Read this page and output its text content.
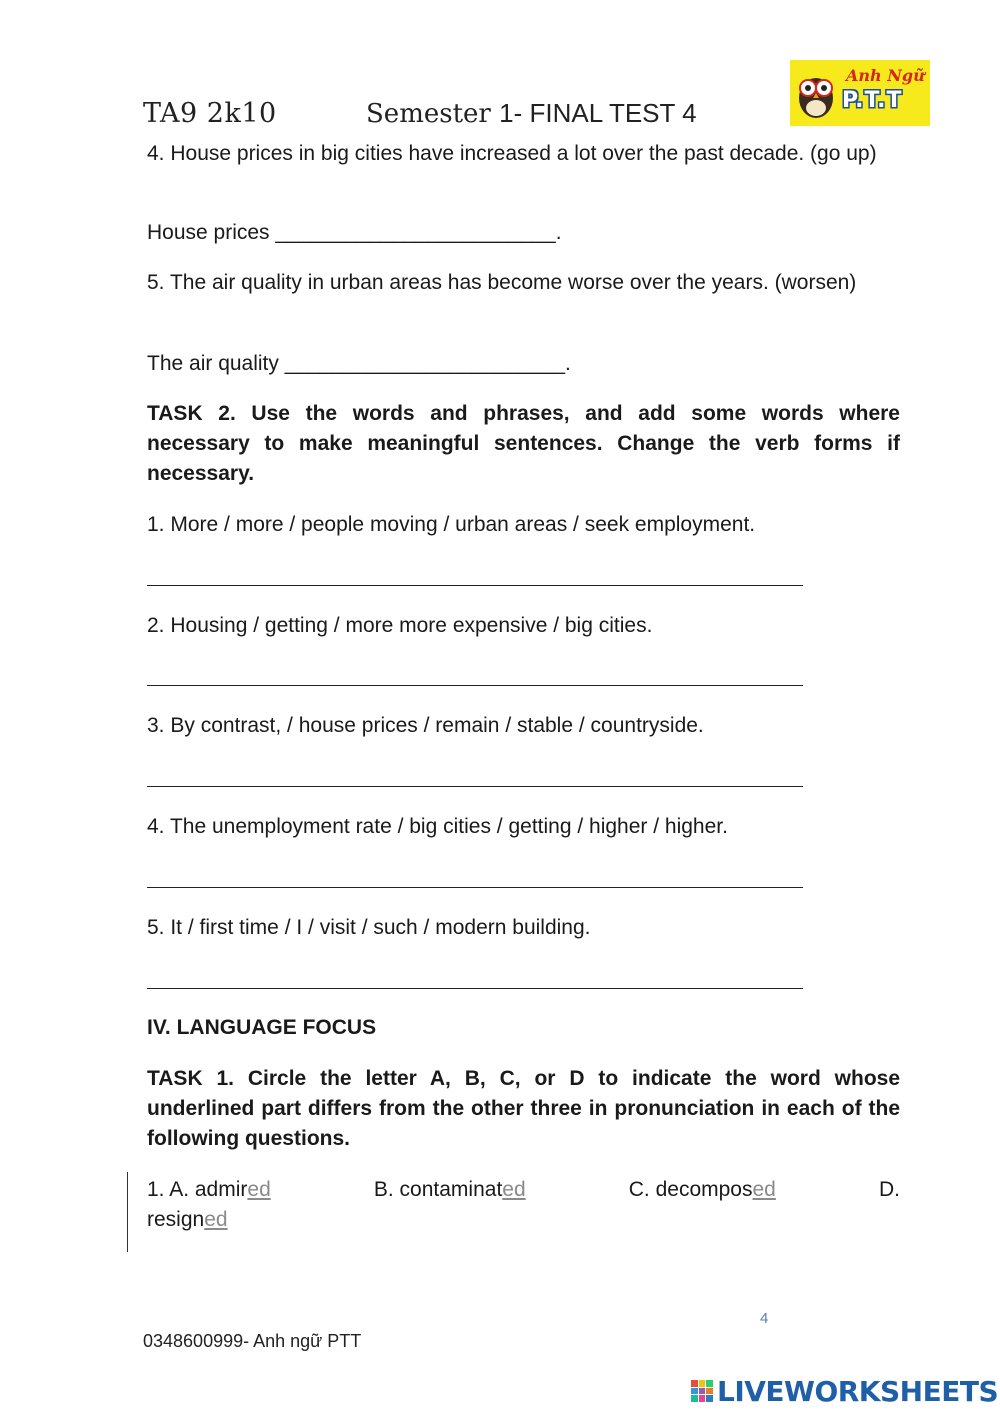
TA9 2k10	Semester 1- FINAL TEST 4
Anh Ngữ
P.T.T
4. House prices in big cities have increased a lot over the past decade. (go up)
House prices ________________________.
5. The air quality in urban areas has become worse over the years. (worsen)
The air quality ________________________.
TASK 2. Use the words and phrases, and add some words where necessary to make meaningful sentences. Change the verb forms if necessary.
1. More / more / people moving / urban areas / seek employment.
2. Housing / getting / more more expensive / big cities.
3. By contrast, / house prices / remain / stable / countryside.
4. The unemployment rate / big cities / getting / higher / higher.
5. It / first time / I / visit / such / modern building.
IV. LANGUAGE FOCUS
TASK 1. Circle the letter A, B, C, or D to indicate the word whose underlined part differs from the other three in pronunciation in each of the following questions.
1. A. admired	B. contaminated	C. decomposed	D.
resigned
4
0348600999- Anh ngữ PTT
LIVEWORKSHEETS
